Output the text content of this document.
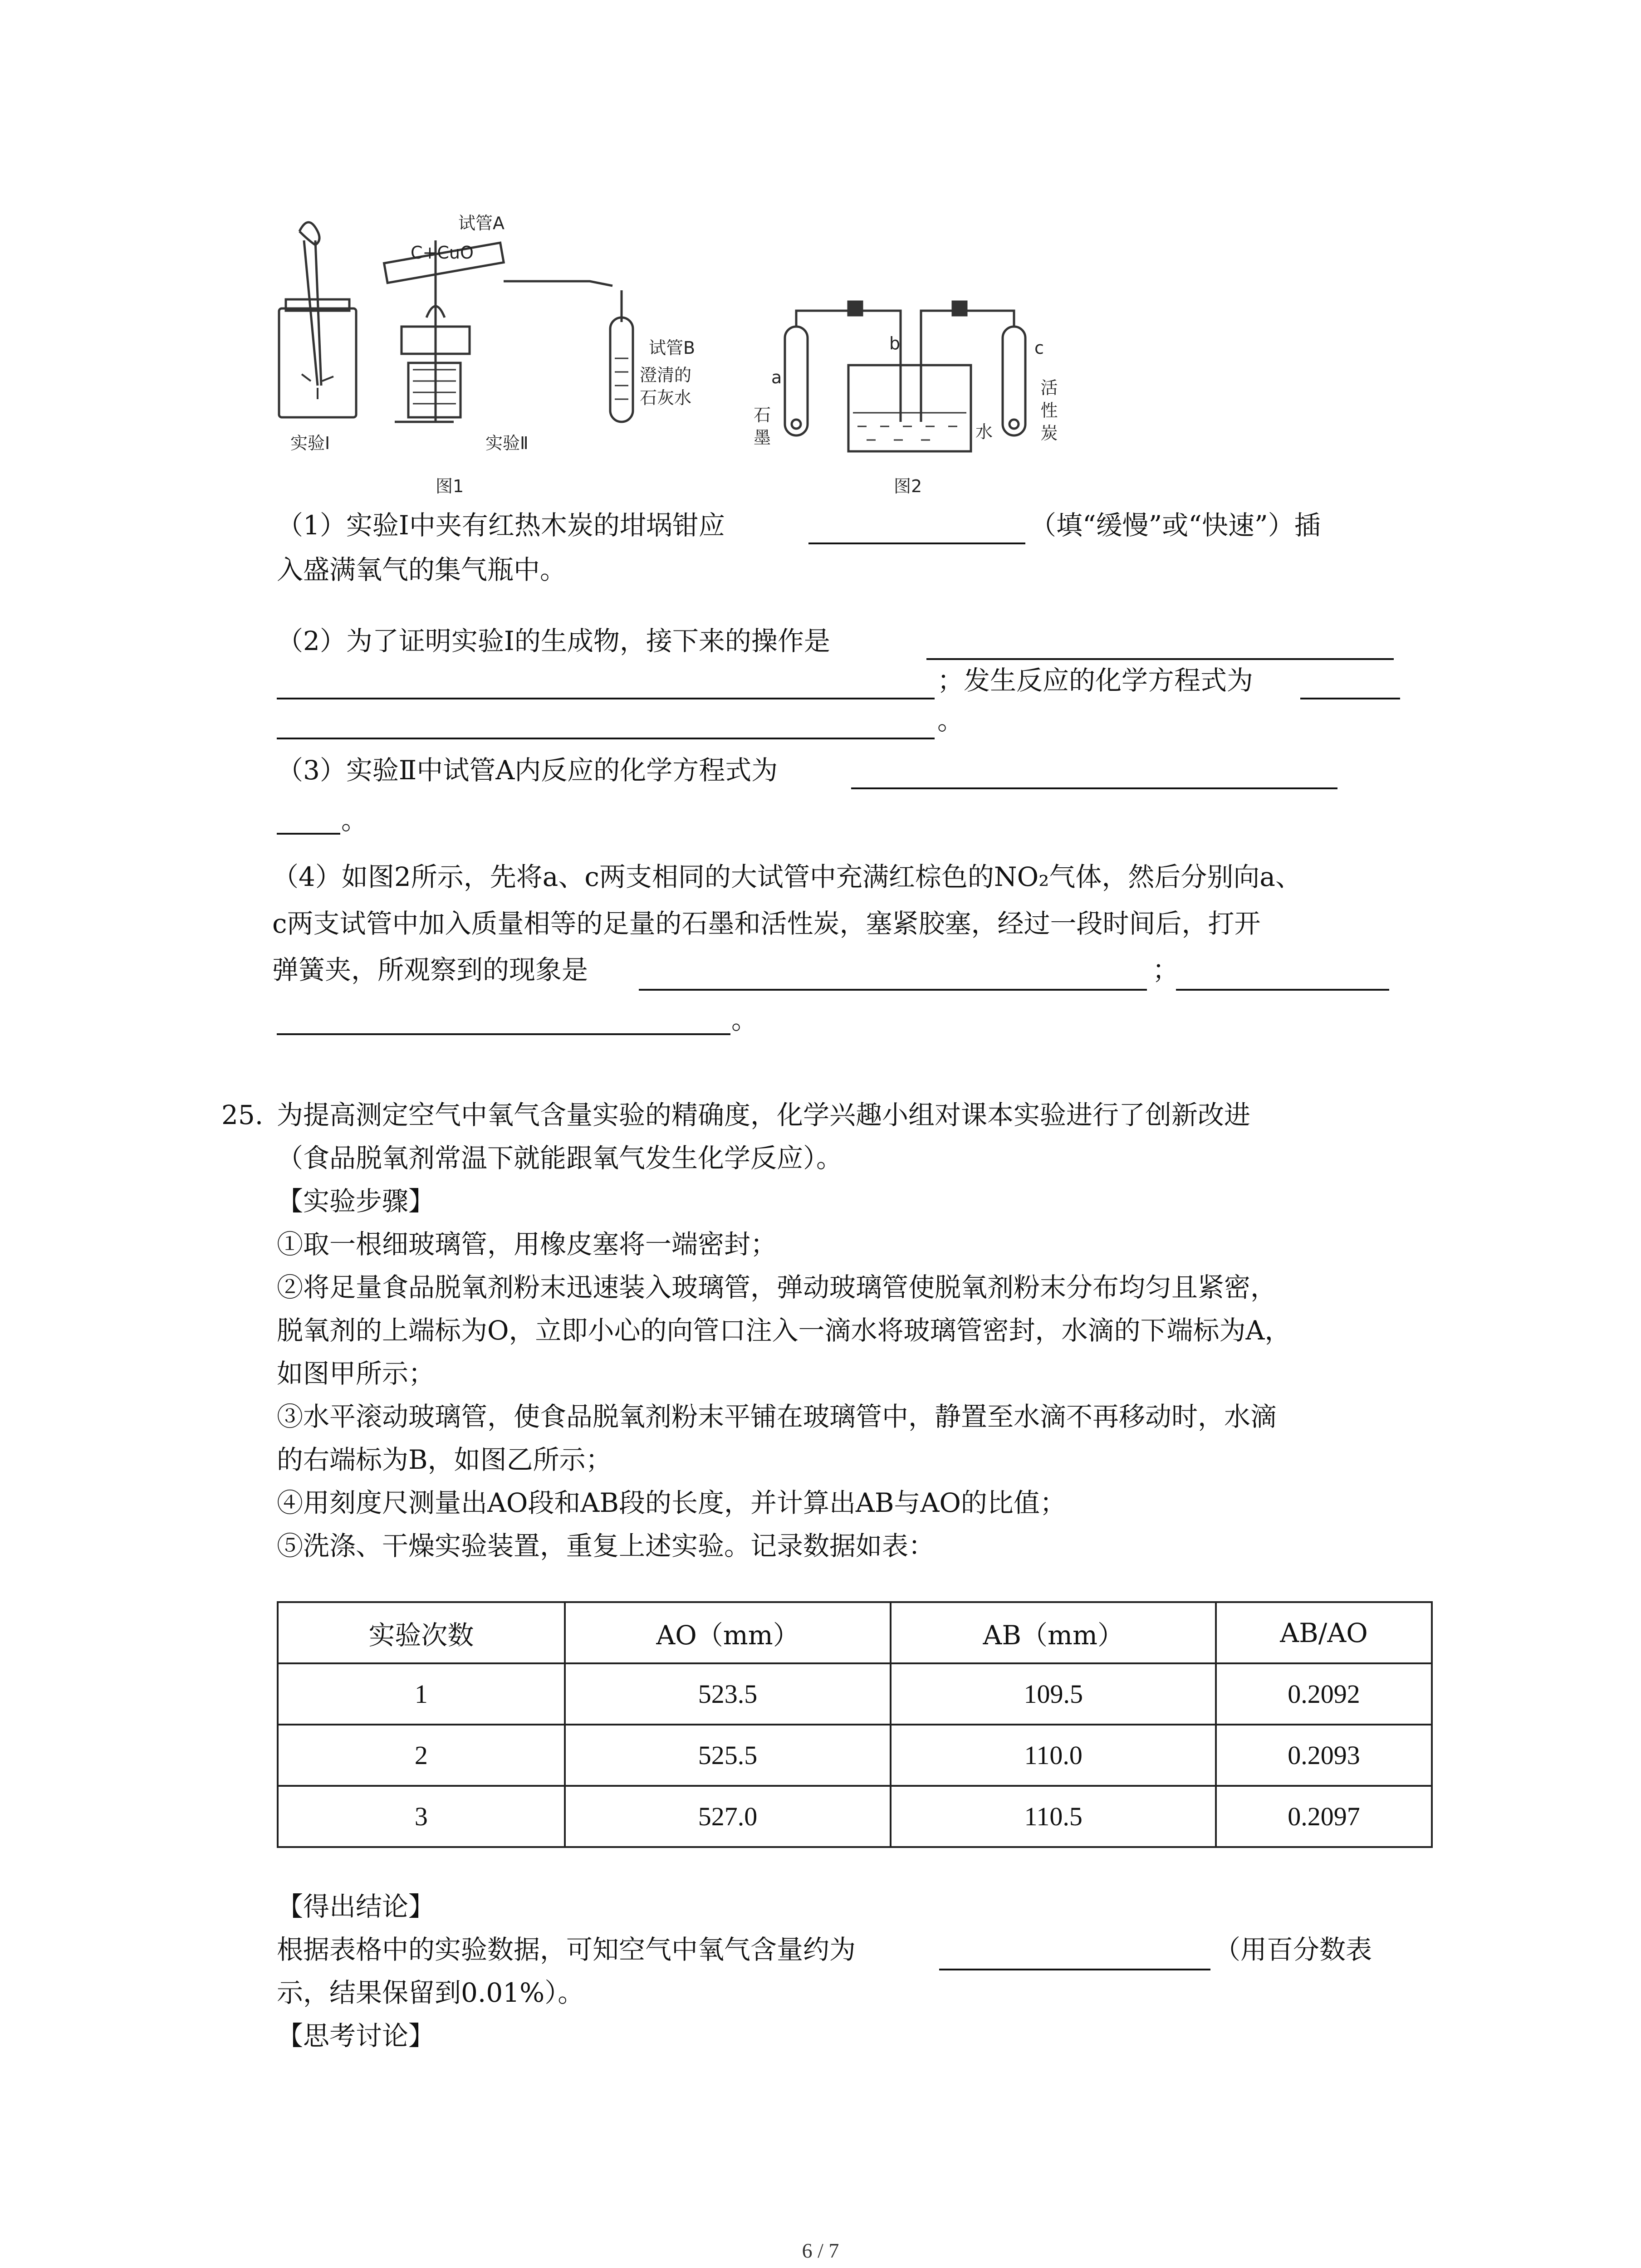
试管A
C+CuO
试管B
澄清的
石灰水
实验Ⅰ	实验Ⅱ
图1
a
b	c
水
图2
石墨
活性炭
（1）实验Ⅰ中夹有红热木炭的坩埚钳应	（填“缓慢”或“快速”）插
入盛满氧气的集气瓶中。
（2）为了证明实验Ⅰ的生成物，接下来的操作是
；发生反应的化学方程式为
。
（3）实验Ⅱ中试管A内反应的化学方程式为
。
（4）如图2所示，先将a、c两支相同的大试管中充满红棕色的NO₂气体，然后分别向a、
c两支试管中加入质量相等的足量的石墨和活性炭，塞紧胶塞，经过一段时间后，打开
弹簧夹，所观察到的现象是	；
。
25. 为提高测定空气中氧气含量实验的精确度，化学兴趣小组对课本实验进行了创新改进
（食品脱氧剂常温下就能跟氧气发生化学反应）。
【实验步骤】
①取一根细玻璃管，用橡皮塞将一端密封；
②将足量食品脱氧剂粉末迅速装入玻璃管，弹动玻璃管使脱氧剂粉末分布均匀且紧密，
脱氧剂的上端标为O，立即小心的向管口注入一滴水将玻璃管密封，水滴的下端标为A，
如图甲所示；
③水平滚动玻璃管，使食品脱氧剂粉末平铺在玻璃管中，静置至水滴不再移动时，水滴
的右端标为B，如图乙所示；
④用刻度尺测量出AO段和AB段的长度，并计算出AB与AO的比值；
⑤洗涤、干燥实验装置，重复上述实验。记录数据如表：
实验次数	AO（mm）	AB（mm）	AB/AO
1	523.5	109.5	0.2092
2	525.5	110.0	0.2093
3	527.0	110.5	0.2097
【得出结论】
根据表格中的实验数据，可知空气中氧气含量约为	（用百分数表
示，结果保留到0.01%）。
【思考讨论】
6 / 7
